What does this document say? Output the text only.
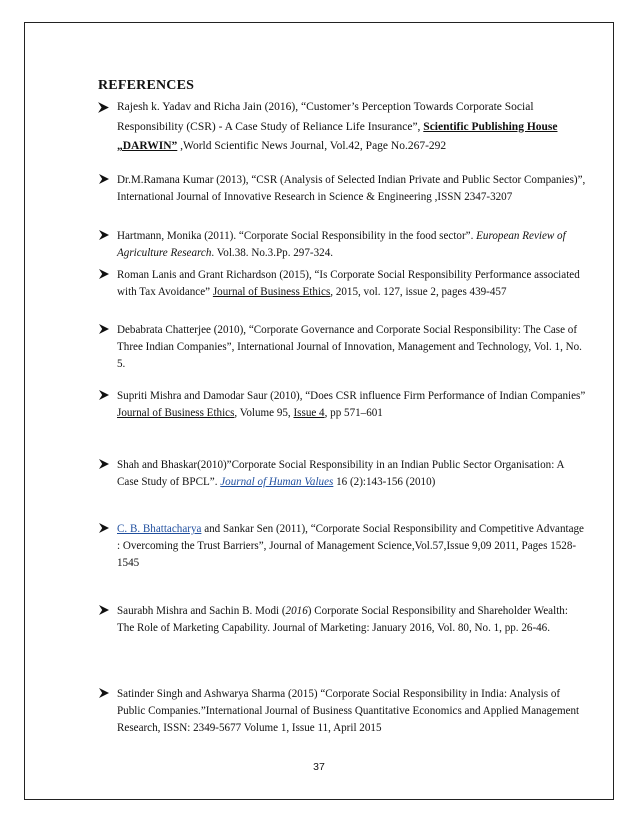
REFERENCES
Rajesh k. Yadav and Richa Jain (2016), “Customer’s Perception Towards Corporate Social Responsibility (CSR) - A Case Study of Reliance Life Insurance”, Scientific Publishing House „DARWIN” ,World Scientific News Journal, Vol.42, Page No.267-292
Dr.M.Ramana Kumar (2013), “CSR (Analysis of Selected Indian Private and Public Sector Companies)”, International Journal of Innovative Research in Science & Engineering ,ISSN 2347-3207
Hartmann, Monika (2011). “Corporate Social Responsibility in the food sector”. European Review of Agriculture Research. Vol.38. No.3.Pp. 297-324.
Roman Lanis and Grant Richardson (2015), “Is Corporate Social Responsibility Performance associated with Tax Avoidance” Journal of Business Ethics, 2015, vol. 127, issue 2, pages 439-457
Debabrata Chatterjee (2010), “Corporate Governance and Corporate Social Responsibility: The Case of Three Indian Companies”, International Journal of Innovation, Management and Technology, Vol. 1, No. 5.
Supriti Mishra and Damodar Saur (2010), “Does CSR influence Firm Performance of Indian Companies” Journal of Business Ethics, Volume 95, Issue 4, pp 571–601
Shah and Bhaskar(2010)”Corporate Social Responsibility in an Indian Public Sector Organisation: A Case Study of BPCL”. Journal of Human Values 16 (2):143-156 (2010)
C. B. Bhattacharya and Sankar Sen (2011), “Corporate Social Responsibility and Competitive Advantage : Overcoming the Trust Barriers”, Journal of Management Science,Vol.57,Issue 9,09 2011, Pages 1528-1545
Saurabh Mishra and Sachin B. Modi (2016) Corporate Social Responsibility and Shareholder Wealth: The Role of Marketing Capability. Journal of Marketing: January 2016, Vol. 80, No. 1, pp. 26-46.
Satinder Singh and Ashwarya Sharma (2015) “Corporate Social Responsibility in India: Analysis of Public Companies.”International Journal of Business Quantitative Economics and Applied Management Research, ISSN: 2349-5677 Volume 1, Issue 11, April 2015
37
